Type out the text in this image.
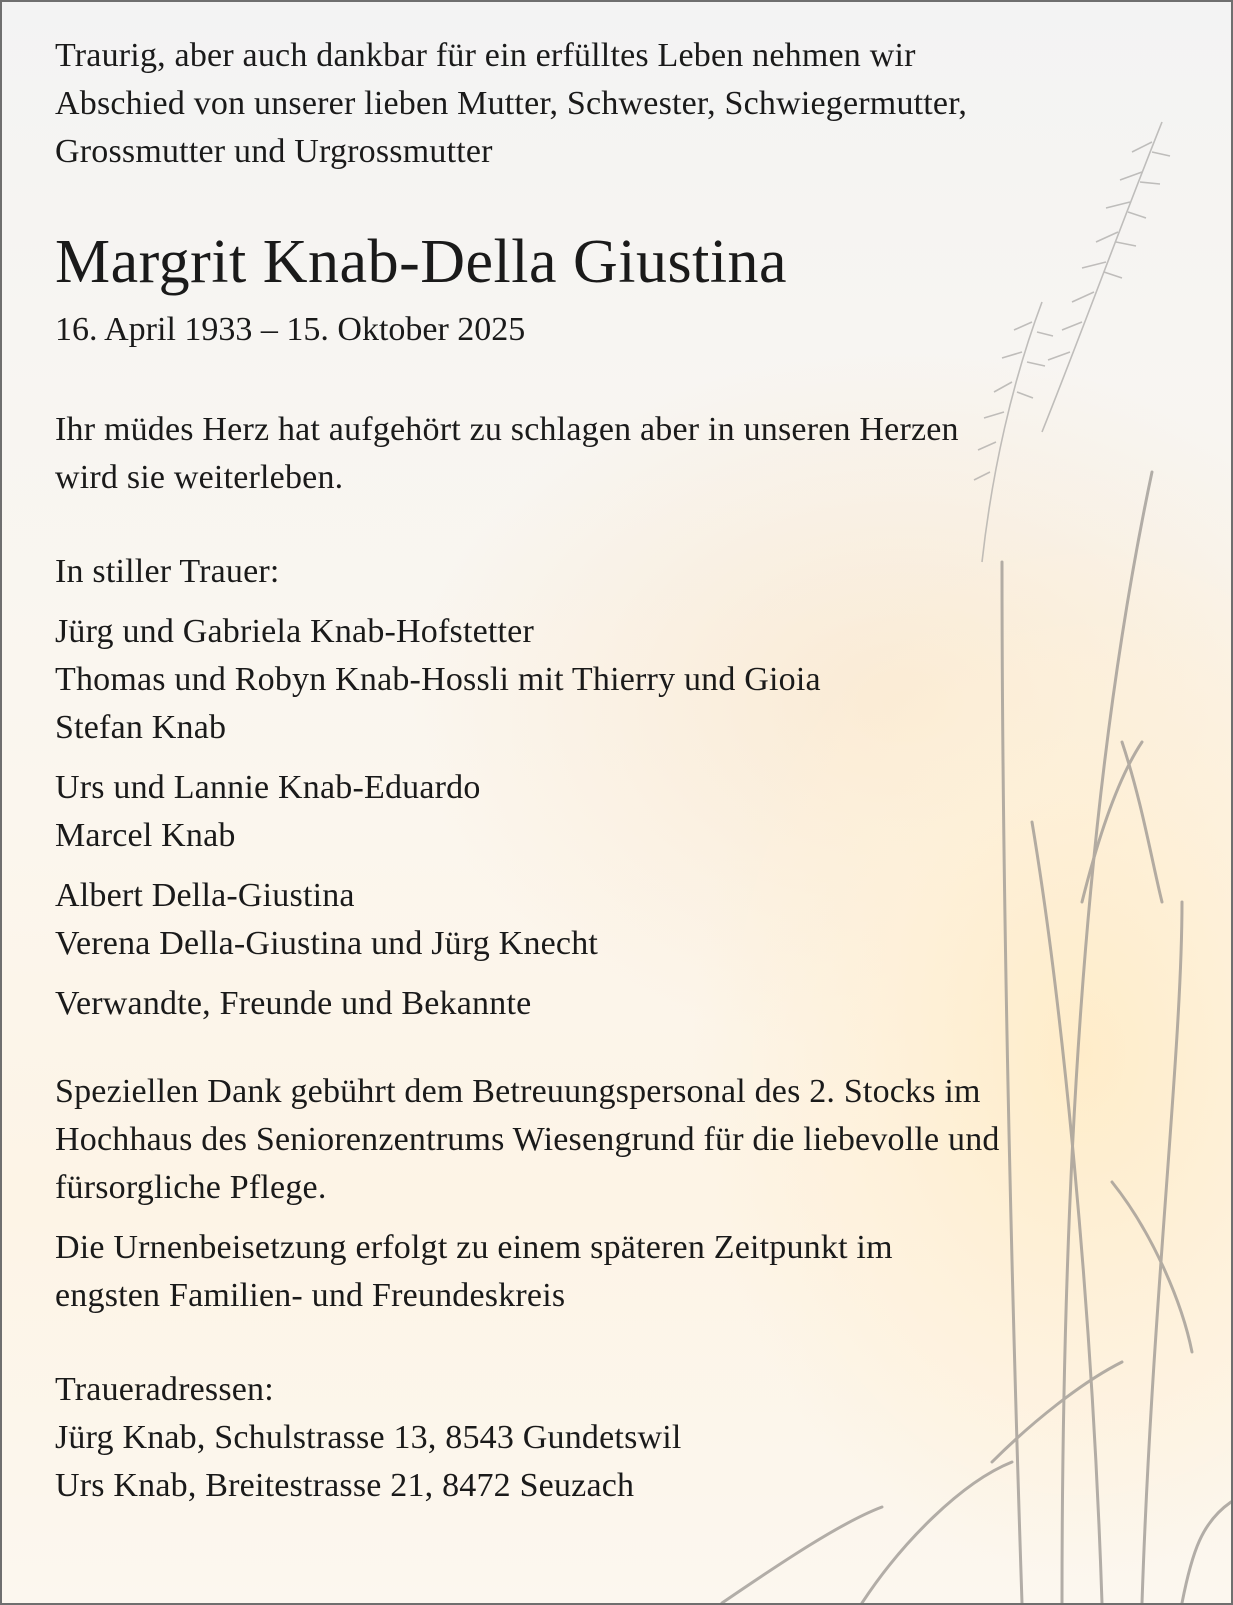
Traurig, aber auch dankbar für ein erfülltes Leben nehmen wir
Abschied von unserer lieben Mutter, Schwester, Schwiegermutter,
Grossmutter und Urgrossmutter

Margrit Knab-Della Giustina

16. April 1933 – 15. Oktober 2025

Ihr müdes Herz hat aufgehört zu schlagen aber in unseren Herzen
wird sie weiterleben.

In stiller Trauer:

Jürg und Gabriela Knab-Hofstetter
Thomas und Robyn Knab-Hossli mit Thierry und Gioia
Stefan Knab

Urs und Lannie Knab-Eduardo
Marcel Knab

Albert Della-Giustina
Verena Della-Giustina und Jürg Knecht

Verwandte, Freunde und Bekannte

Speziellen Dank gebührt dem Betreuungspersonal des 2. Stocks im
Hochhaus des Seniorenzentrums Wiesengrund für die liebevolle und
fürsorgliche Pflege.

Die Urnenbeisetzung erfolgt zu einem späteren Zeitpunkt im
engsten Familien- und Freundeskreis

Traueradressen:

Jürg Knab, Schulstrasse 13, 8543 Gundetswil
Urs Knab, Breitestrasse 21, 8472 Seuzach
